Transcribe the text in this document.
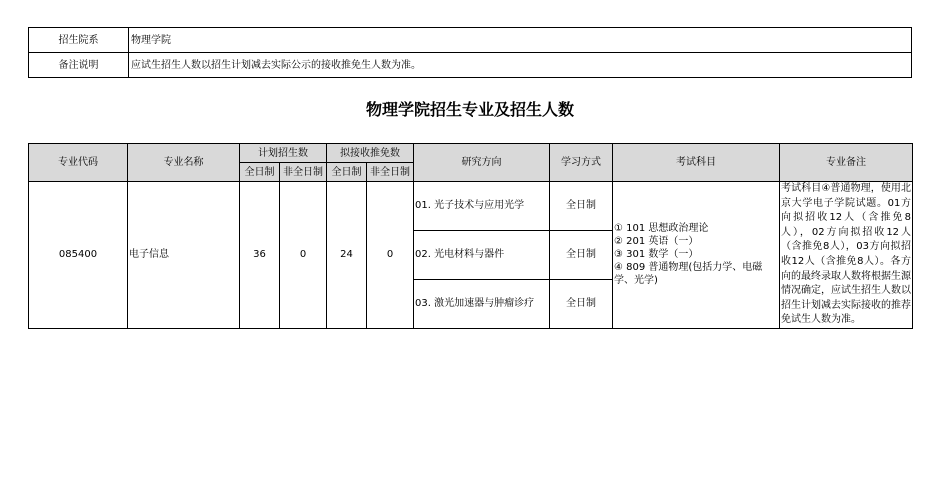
招生院系	物理学院
备注说明	应试生招生人数以招生计划减去实际公示的接收推免生人数为准。
物理学院招生专业及招生人数
专业代码	专业名称	计划招生数		拟接收推免数		研究方向	学习方式	考试科目	专业备注
		全日制	非全日制	全日制	非全日制				
085400	电子信息	36	0	24	0	01. 光子技术与应用光学	全日制	① 101 思想政治理论
② 201 英语（一）
③ 301 数学（一）
④ 809 普通物理(包括力学、电磁学、光学)	考试科目④普通物理，使用北京大学电子学院试题。01方向拟招收12人（含推免8人），02方向拟招收12人（含推免8人），03方向拟招收12人（含推免8人）。各方向的最终录取人数将根据生源情况确定，应试生招生人数以招生计划减去实际接收的推荐免试生人数为准。
						02. 光电材料与器件	全日制		
						03. 激光加速器与肿瘤诊疗	全日制		
